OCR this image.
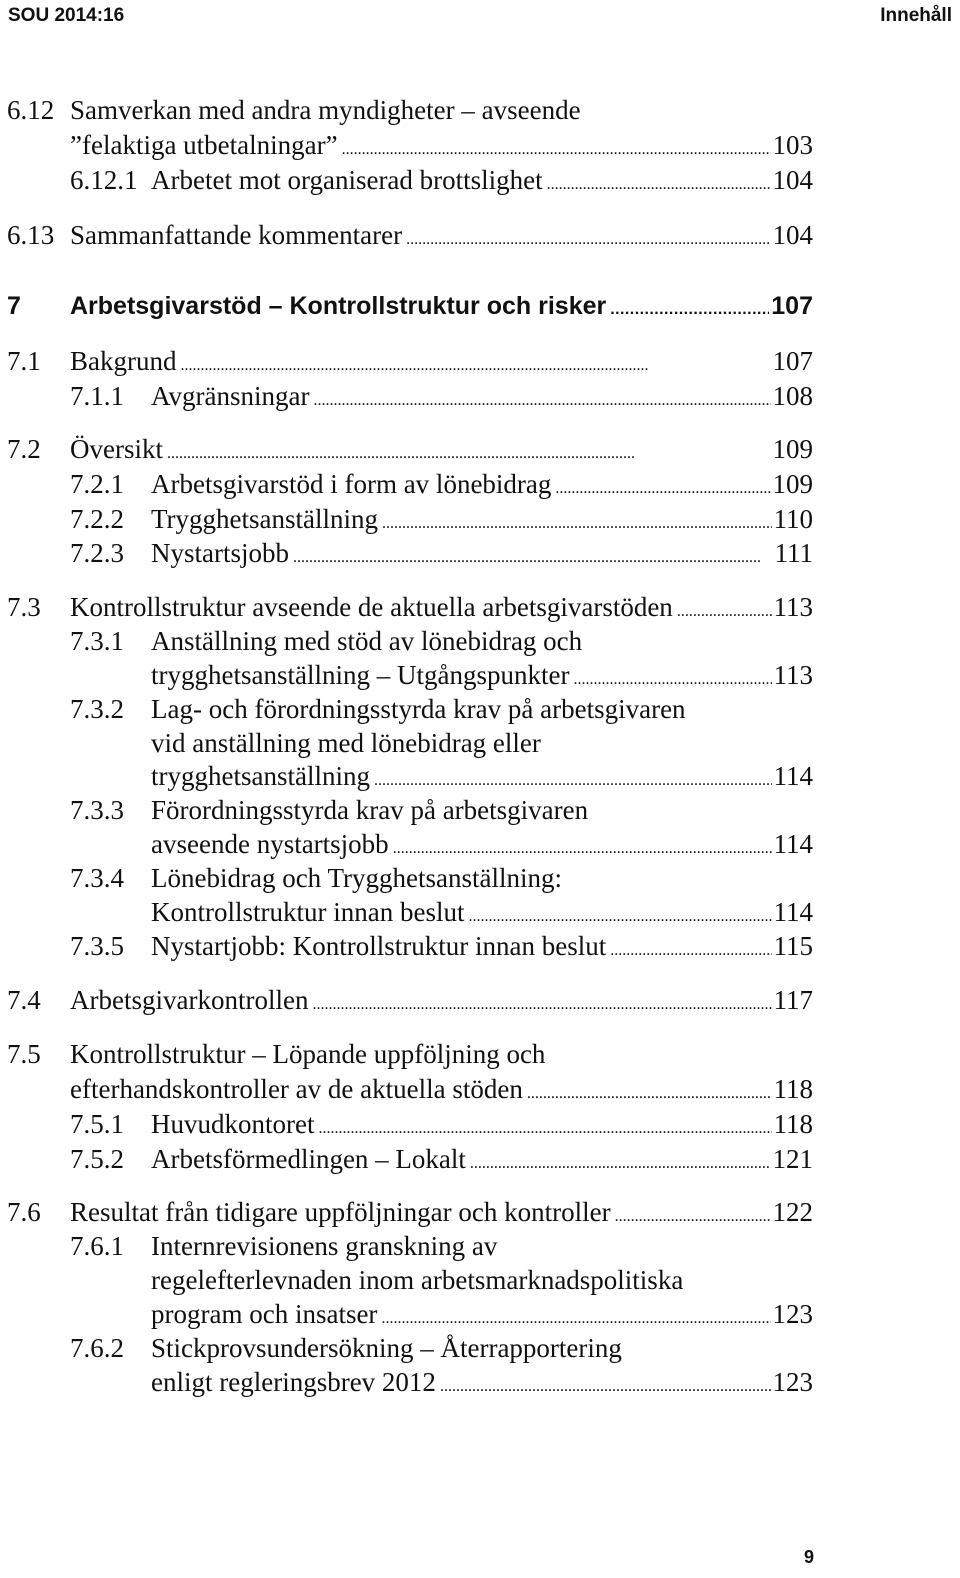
SOU 2014:16	Innehåll
6.12 Samverkan med andra myndigheter – avseende
”felaktiga utbetalningar” . . .	103
6.12.1 Arbetet mot organiserad brottslighet . . .	104
6.13 Sammanfattande kommentarer . . .	104
7 Arbetsgivarstöd – Kontrollstruktur och risker . . .	107
7.1 Bakgrund . . .	107
7.1.1 Avgränsningar . . .	108
7.2 Översikt . . .	109
7.2.1 Arbetsgivarstöd i form av lönebidrag . . .	109
7.2.2 Trygghetsanställning . . .	110
7.2.3 Nystartsjobb . . .	111
7.3 Kontrollstruktur avseende de aktuella arbetsgivarstöden . . .	113
7.3.1 Anställning med stöd av lönebidrag och
trygghetsanställning – Utgångspunkter . . .	113
7.3.2 Lag- och förordningsstyrda krav på arbetsgivaren
vid anställning med lönebidrag eller
trygghetsanställning . . .	114
7.3.3 Förordningsstyrda krav på arbetsgivaren
avseende nystartsjobb . . .	114
7.3.4 Lönebidrag och Trygghetsanställning:
Kontrollstruktur innan beslut . . .	114
7.3.5 Nystartjobb: Kontrollstruktur innan beslut . . .	115
7.4 Arbetsgivarkontrollen . . .	117
7.5 Kontrollstruktur – Löpande uppföljning och
efterhandskontroller av de aktuella stöden . . .	118
7.5.1 Huvudkontoret . . .	118
7.5.2 Arbetsförmedlingen – Lokalt . . .	121
7.6 Resultat från tidigare uppföljningar och kontroller . . .	122
7.6.1 Internrevisionens granskning av
regelefterlevnaden inom arbetsmarknadspolitiska
program och insatser . . .	123
7.6.2 Stickprovsundersökning – Återrapportering
enligt regleringsbrev 2012 . . .	123
9
